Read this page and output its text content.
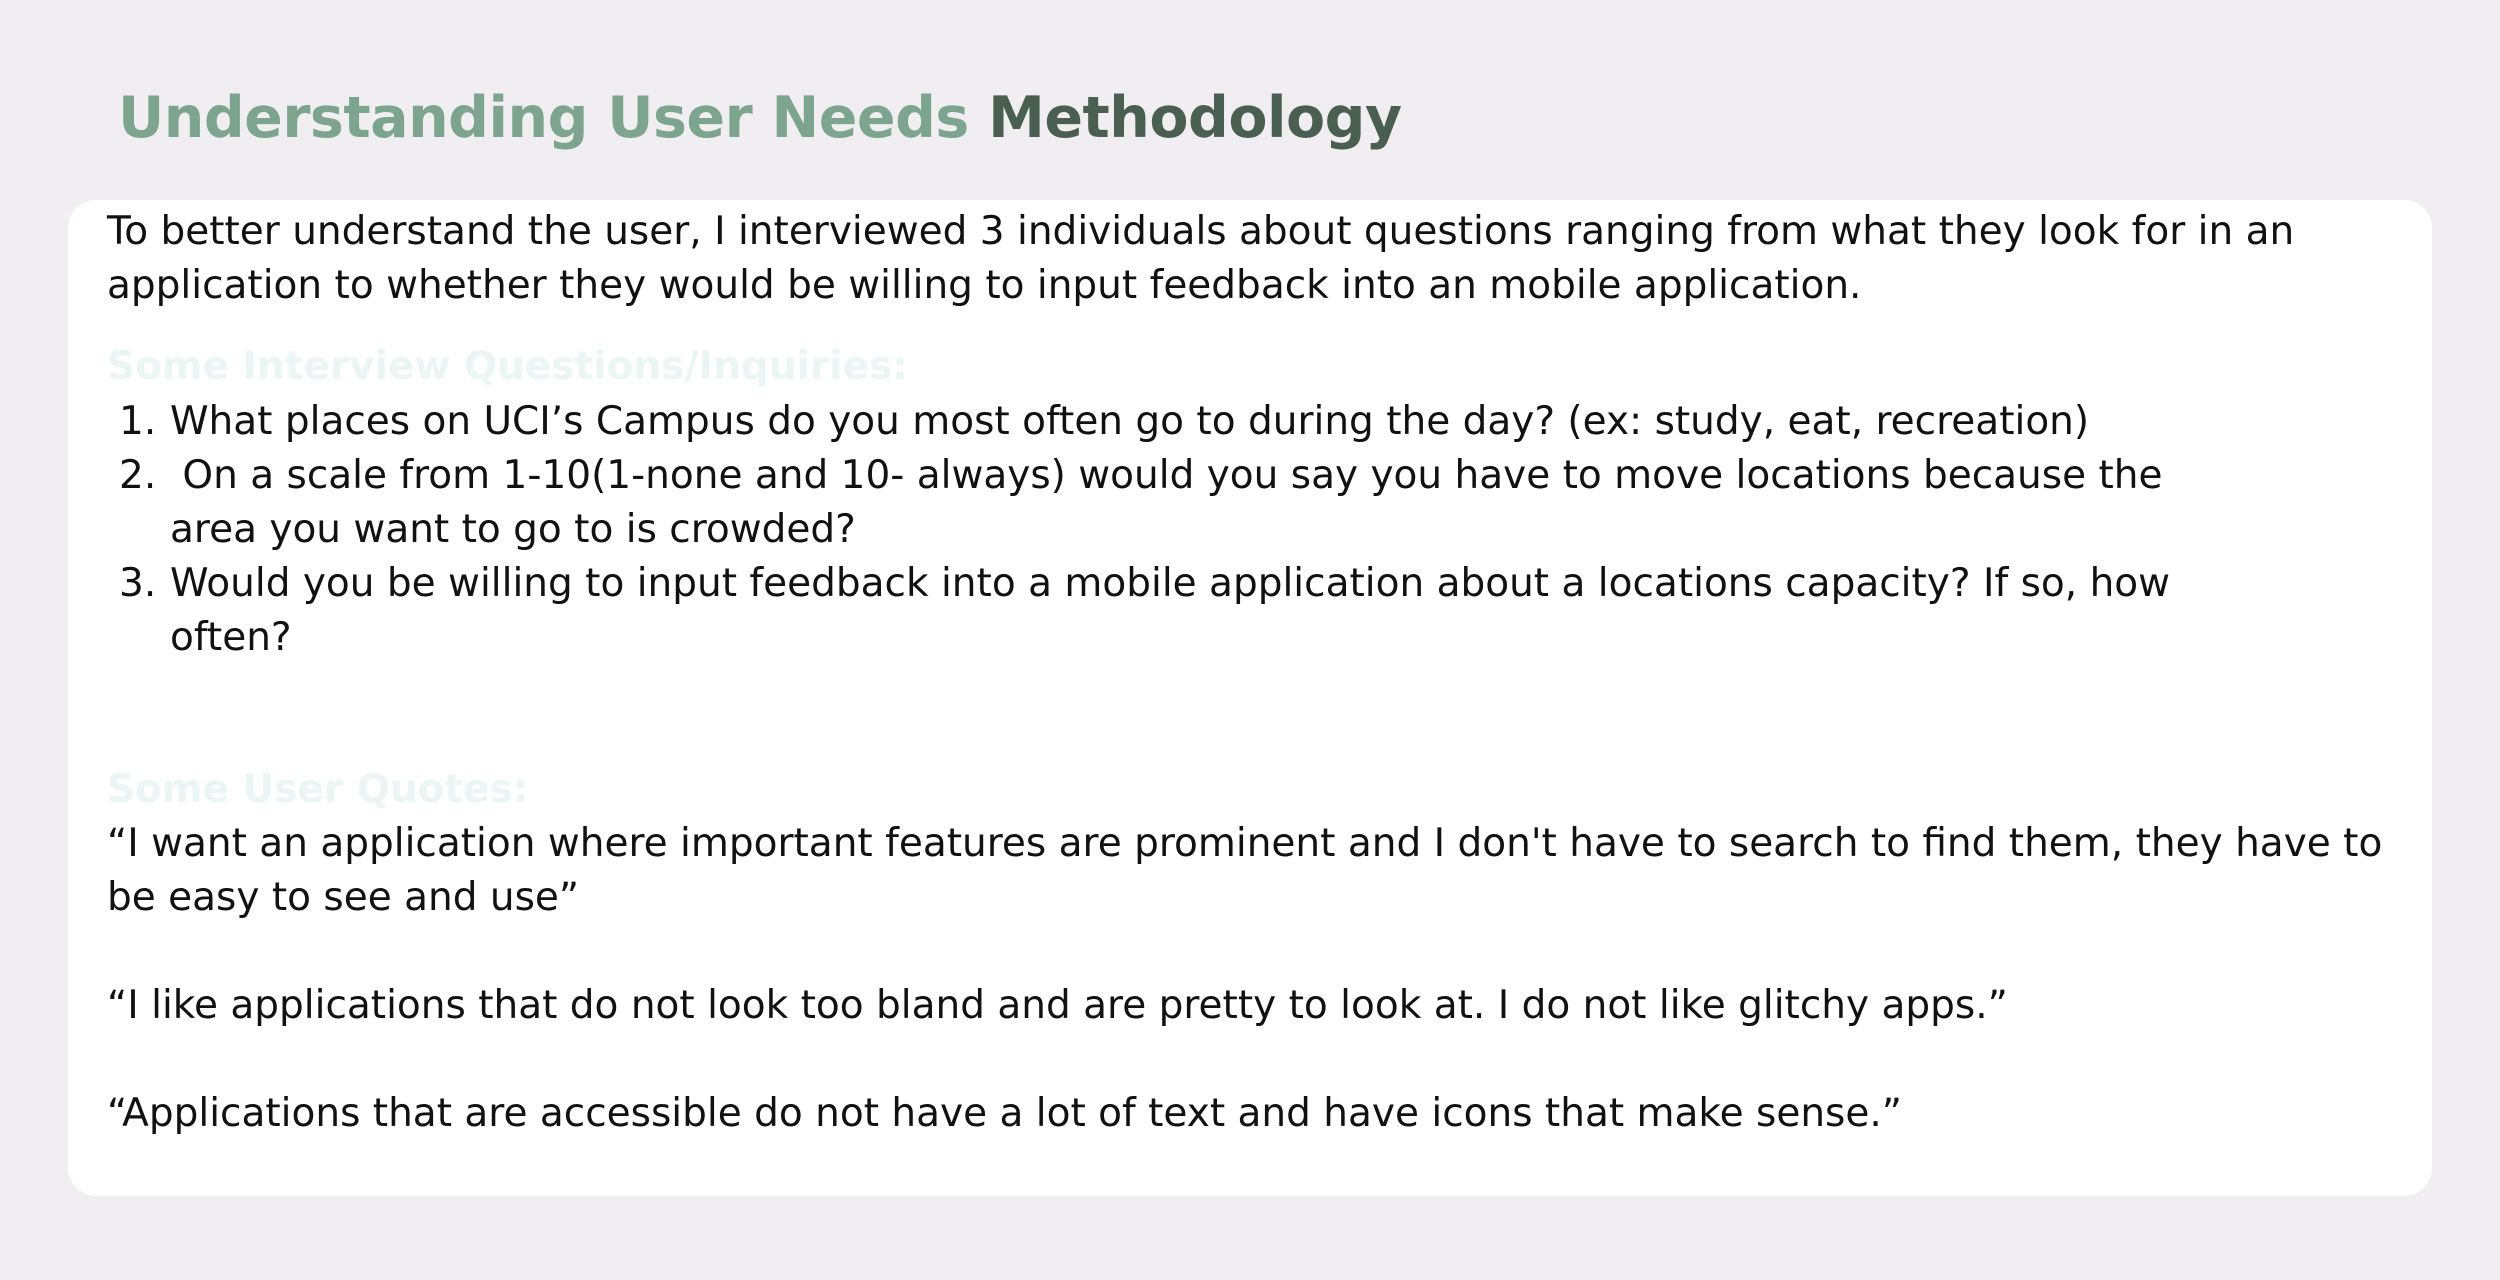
Understanding User Needs Methodology

To better understand the user, I interviewed 3 individuals about questions ranging from what they look for in an application to whether they would be willing to input feedback into an mobile application.

Some Interview Questions/Inquiries:
1. What places on UCI’s Campus do you most often go to during the day? (ex: study, eat, recreation)
2. On a scale from 1-10(1-none and 10- always) would you say you have to move locations because the area you want to go to is crowded?
3. Would you be willing to input feedback into a mobile application about a locations capacity? If so, how often?
Some User Quotes:

“I want an application where important features are prominent and I don't have to search to find them, they have to be easy to see and use”

“I like applications that do not look too bland and are pretty to look at. I do not like glitchy apps.”

“Applications that are accessible do not have a lot of text and have icons that make sense.”
